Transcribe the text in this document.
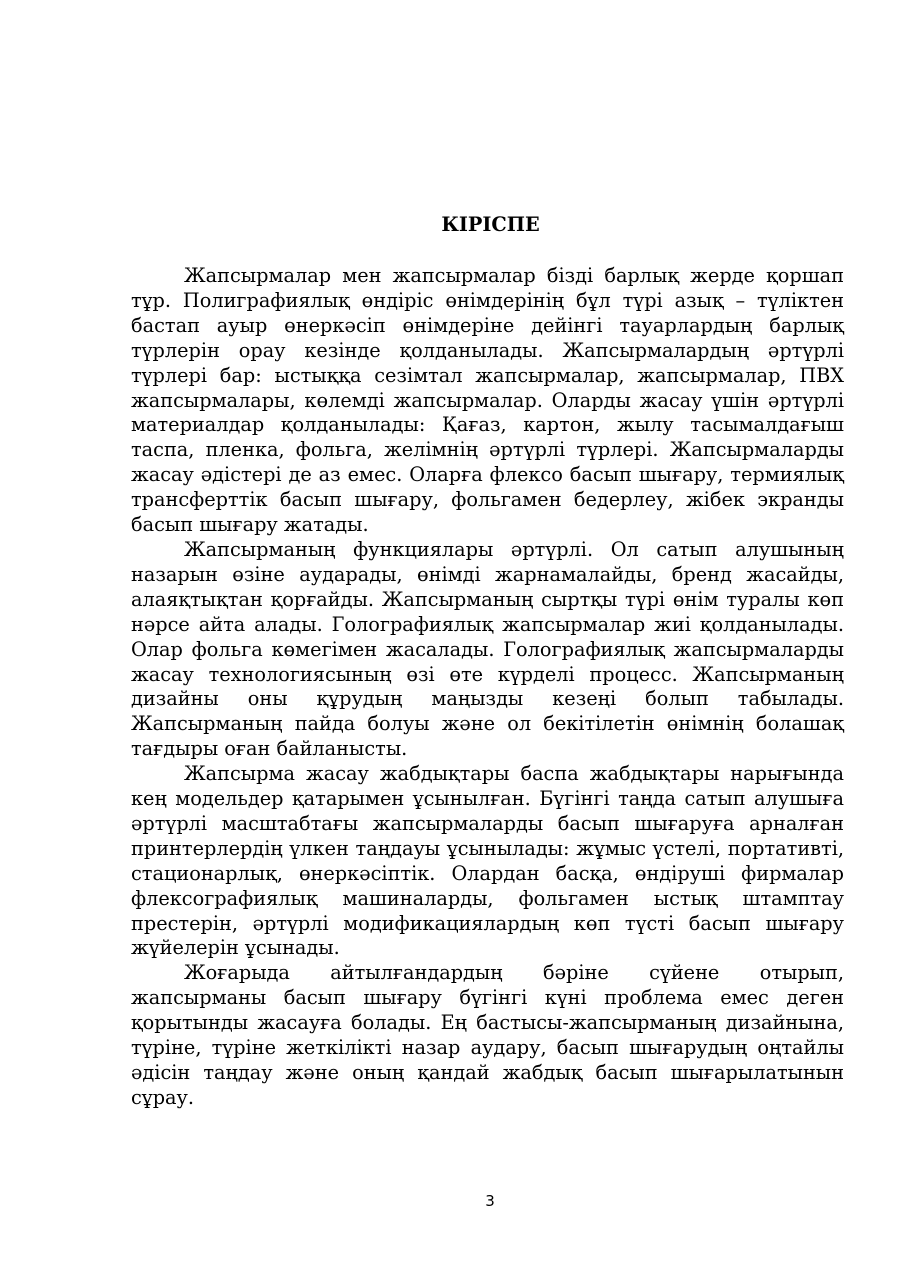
КІРІСПЕ

Жапсырмалар мен жапсырмалар бізді барлық жерде қоршап тұр. Полиграфиялық өндіріс өнімдерінің бұл түрі азық – түліктен бастап ауыр өнеркәсіп өнімдеріне дейінгі тауарлардың барлық түрлерін орау кезінде қолданылады. Жапсырмалардың әртүрлі түрлері бар: ыстыққа сезімтал жапсырмалар, жапсырмалар, ПВХ жапсырмалары, көлемді жапсырмалар. Оларды жасау үшін әртүрлі материалдар қолданылады: Қағаз, картон, жылу тасымалдағыш таспа, пленка, фольга, желімнің әртүрлі түрлері. Жапсырмаларды жасау әдістері де аз емес. Оларға флексо басып шығару, термиялық трансферттік басып шығару, фольгамен бедерлеу, жібек экранды басып шығару жатады.

Жапсырманың функциялары әртүрлі. Ол сатып алушының назарын өзіне аударады, өнімді жарнамалайды, бренд жасайды, алаяқтықтан қорғайды. Жапсырманың сыртқы түрі өнім туралы көп нәрсе айта алады. Голографиялық жапсырмалар жиі қолданылады. Олар фольга көмегімен жасалады. Голографиялық жапсырмаларды жасау технологиясының өзі өте күрделі процесс. Жапсырманың дизайны оны құрудың маңызды кезеңі болып табылады. Жапсырманың пайда болуы және ол бекітілетін өнімнің болашақ тағдыры оған байланысты.

Жапсырма жасау жабдықтары баспа жабдықтары нарығында кең модельдер қатарымен ұсынылған. Бүгінгі таңда сатып алушыға әртүрлі масштабтағы жапсырмаларды басып шығаруға арналған принтерлердің үлкен таңдауы ұсынылады: жұмыс үстелі, портативті, стационарлық, өнеркәсіптік. Олардан басқа, өндіруші фирмалар флексографиялық машиналарды, фольгамен ыстық штамптау престерін, әртүрлі модификациялардың көп түсті басып шығару жүйелерін ұсынады.

Жоғарыда айтылғандардың бәріне сүйене отырып, жапсырманы басып шығару бүгінгі күні проблема емес деген қорытынды жасауға болады. Ең бастысы-жапсырманың дизайнына, түріне, түріне жеткілікті назар аудару, басып шығарудың оңтайлы әдісін таңдау және оның қандай жабдық басып шығарылатынын сұрау.

3
